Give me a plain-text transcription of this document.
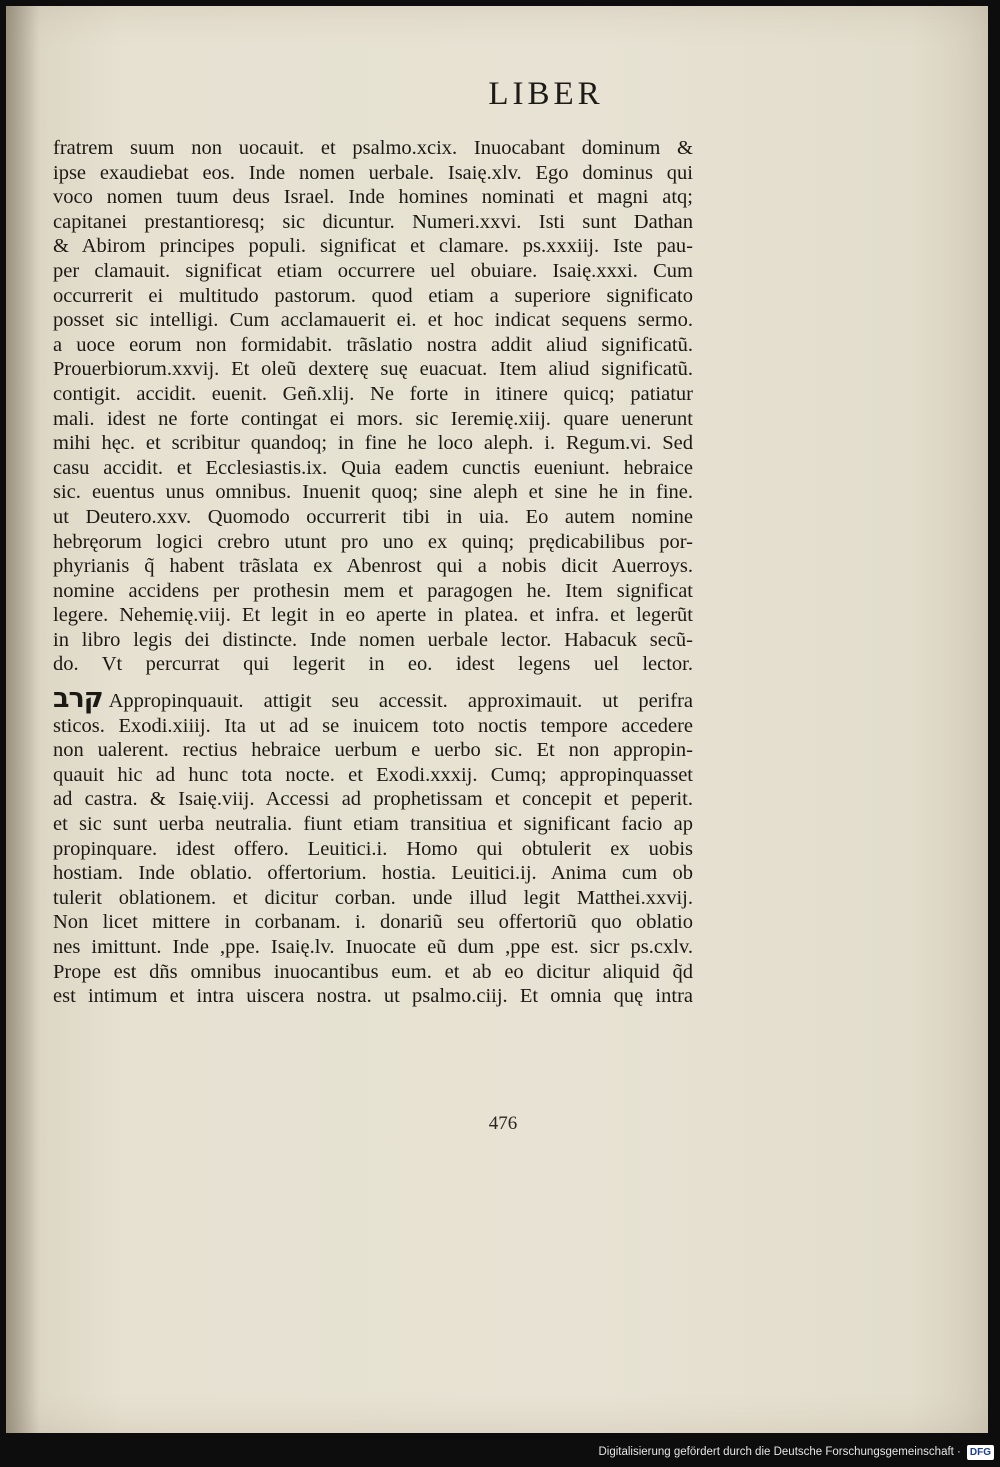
LIBER
fratrem suum non uocauit. et psalmo.xcix. Inuocabant dominum &
ipse exaudiebat eos. Inde nomen uerbale. Isaię.xlv. Ego dominus qui
voco nomen tuum deus Israel. Inde homines nominati et magni atq;
capitanei prestantioresq; sic dicuntur. Numeri.xxvi. Isti sunt Dathan
& Abirom principes populi. significat et clamare. ps.xxxiij. Iste pau-
per clamauit. significat etiam occurrere uel obuiare. Isaię.xxxi. Cum
occurrerit ei multitudo pastorum. quod etiam a superiore significato
posset sic intelligi. Cum acclamauerit ei. et hoc indicat sequens sermo.
a uoce eorum non formidabit. trãslatio nostra addit aliud significatũ.
Prouerbiorum.xxvij. Et oleũ dexterę suę euacuat. Item aliud significatũ.
contigit. accidit. euenit. Geñ.xlij. Ne forte in itinere quicq; patiatur
mali. idest ne forte contingat ei mors. sic Ieremię.xiij. quare uenerunt
mihi hęc. et scribitur quandoq; in fine he loco aleph. i. Regum.vi. Sed
casu accidit. et Ecclesiastis.ix. Quia eadem cunctis eueniunt. hebraice
sic. euentus unus omnibus. Inuenit quoq; sine aleph et sine he in fine.
ut Deutero.xxv. Quomodo occurrerit tibi in uia. Eo autem nomine
hebręorum logici crebro utunt pro uno ex quinq; prędicabilibus por-
phyrianis q̃ habent trãslata ex Abenrost qui a nobis dicit Auerroys.
nomine accidens per prothesin mem et paragogen he. Item significat
legere. Nehemię.viij. Et legit in eo aperte in platea. et infra. et legerũt
in libro legis dei distincte. Inde nomen uerbale lector. Habacuk secũ-
do. Vt percurrat qui legerit in eo. idest legens uel lector.
קרב Appropinquauit. attigit seu accessit. approximauit. ut perifra
sticos. Exodi.xiiij. Ita ut ad se inuicem toto noctis tempore accedere
non ualerent. rectius hebraice uerbum e uerbo sic. Et non appropin-
quauit hic ad hunc tota nocte. et Exodi.xxxij. Cumq; appropinquasset
ad castra. & Isaię.viij. Accessi ad prophetissam et concepit et peperit.
et sic sunt uerba neutralia. fiunt etiam transitiua et significant facio ap
propinquare. idest offero. Leuitici.i. Homo qui obtulerit ex uobis
hostiam. Inde oblatio. offertorium. hostia. Leuitici.ij. Anima cum ob
tulerit oblationem. et dicitur corban. unde illud legit Matthei.xxvij.
Non licet mittere in corbanam. i. donariũ seu offertoriũ quo oblatio
nes imittunt. Inde ,ppe. Isaię.lv. Inuocate eũ dum ,ppe est. sicr ps.cxlv.
Prope est dñs omnibus inuocantibus eum. et ab eo dicitur aliquid q̃d
est intimum et intra uiscera nostra. ut psalmo.ciij. Et omnia quę intra
476
Digitalisierung gefördert durch die Deutsche Forschungsgemeinschaft · DFG
